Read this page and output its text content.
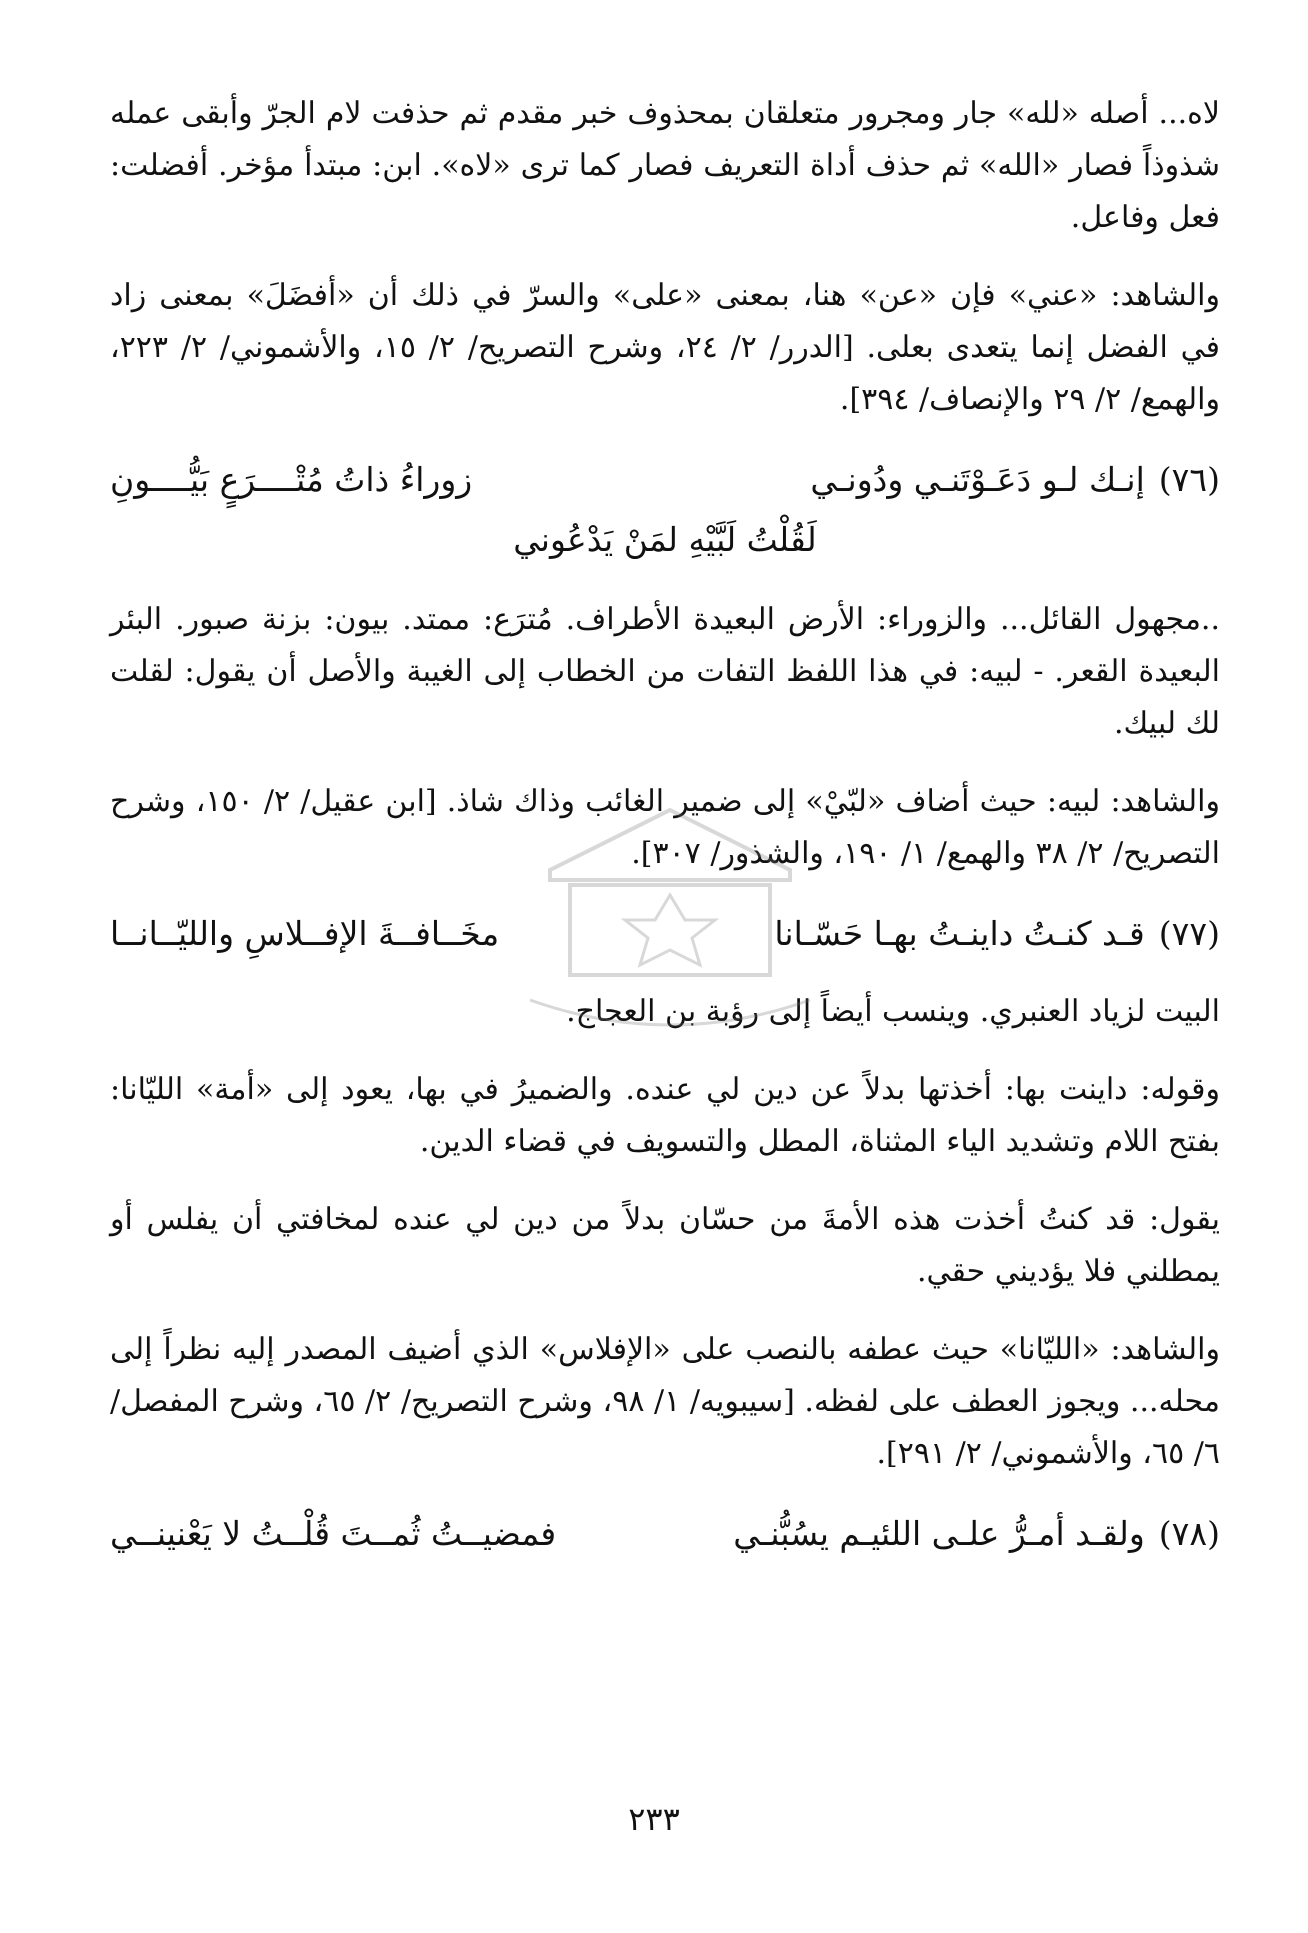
لاه... أصله «لله» جار ومجرور متعلقان بمحذوف خبر مقدم ثم حذفت لام الجرّ وأبقى عمله شذوذاً فصار «الله» ثم حذف أداة التعريف فصار كما ترى «لاه». ابن: مبتدأ مؤخر. أفضلت: فعل وفاعل.

والشاهد: «عني» فإن «عن» هنا، بمعنى «على» والسرّ في ذلك أن «أفضَلَ» بمعنى زاد في الفضل إنما يتعدى بعلى. [الدرر/ ٢/ ٢٤، وشرح التصريح/ ٢/ ١٥، والأشموني/ ٢/ ٢٢٣، والهمع/ ٢/ ٢٩ والإنصاف/ ٣٩٤].

(٧٦)
إنـك لـو دَعَـوْتَنـي ودُونـي
زوراءُ ذاتُ مُتْــــرَعٍ بَيُّــــونِ
لَقُلْتُ لَبَّيْهِ لمَنْ يَدْعُوني

..مجهول القائل... والزوراء: الأرض البعيدة الأطراف. مُترَع: ممتد. بيون: بزنة صبور. البئر البعيدة القعر. - لبيه: في هذا اللفظ التفات من الخطاب إلى الغيبة والأصل أن يقول: لقلت لك لبيك.

والشاهد: لبيه: حيث أضاف «لبّيْ» إلى ضمير الغائب وذاك شاذ. [ابن عقيل/ ٢/ ١٥٠، وشرح التصريح/ ٢/ ٣٨ والهمع/ ١/ ١٩٠، والشذور/ ٣٠٧].

(٧٧)
قـد كنـتُ داينـتُ بهـا حَسّـانا
مخَــافــةَ الإفــلاسِ والليّــانــا

البيت لزياد العنبري. وينسب أيضاً إلى رؤبة بن العجاج.

وقوله: داينت بها: أخذتها بدلاً عن دين لي عنده. والضميرُ في بها، يعود إلى «أمة» الليّانا: بفتح اللام وتشديد الياء المثناة، المطل والتسويف في قضاء الدين.

يقول: قد كنتُ أخذت هذه الأمةَ من حسّان بدلاً من دين لي عنده لمخافتي أن يفلس أو يمطلني فلا يؤديني حقي.

والشاهد: «الليّانا» حيث عطفه بالنصب على «الإفلاس» الذي أضيف المصدر إليه نظراً إلى محله... ويجوز العطف على لفظه. [سيبويه/ ١/ ٩٨، وشرح التصريح/ ٢/ ٦٥، وشرح المفصل/ ٦/ ٦٥، والأشموني/ ٢/ ٢٩١].

(٧٨)
ولقـد أمـرُّ علـى اللئيـم يسُبُّنـي
فمضيــتُ ثُمــتَ قُلْــتُ لا يَعْنينــي
٢٣٣
